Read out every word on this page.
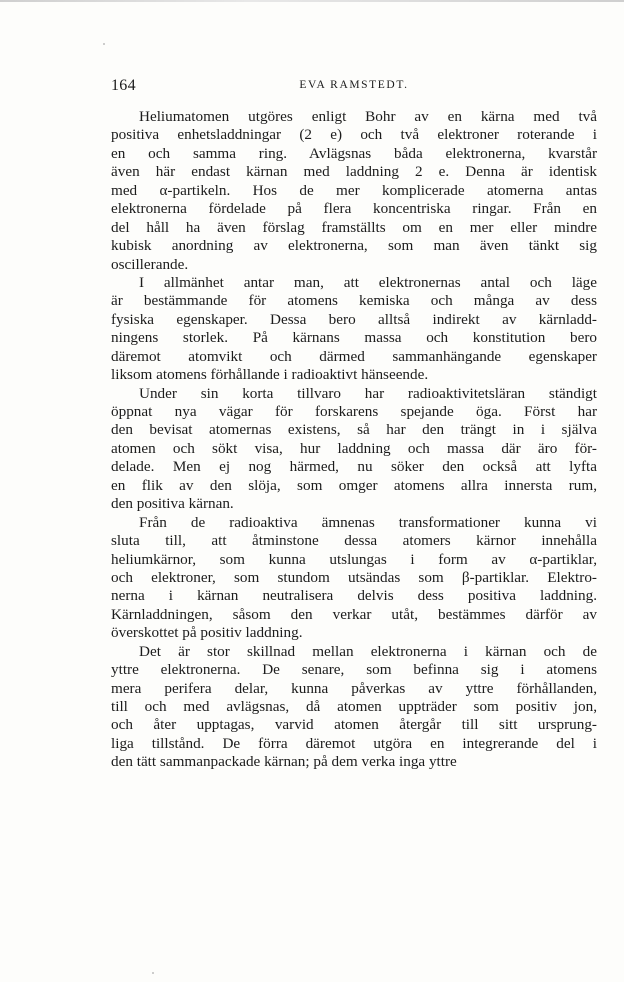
164	EVA RAMSTEDT.

Heliumatomen utgöres enligt Bohr av en kärna med två
positiva enhetsladdningar (2 e) och två elektroner roterande i
en och samma ring. Avlägsnas båda elektronerna, kvarstår
även här endast kärnan med laddning 2 e. Denna är identisk
med α-partikeln. Hos de mer komplicerade atomerna antas
elektronerna fördelade på flera koncentriska ringar. Från en
del håll ha även förslag framställts om en mer eller mindre
kubisk anordning av elektronerna, som man även tänkt sig
oscillerande.

I allmänhet antar man, att elektronernas antal och läge
är bestämmande för atomens kemiska och många av dess
fysiska egenskaper. Dessa bero alltså indirekt av kärnladd-
ningens storlek. På kärnans massa och konstitution bero
däremot atomvikt och därmed sammanhängande egenskaper
liksom atomens förhållande i radioaktivt hänseende.

Under sin korta tillvaro har radioaktivitetsläran ständigt
öppnat nya vägar för forskarens spejande öga. Först har
den bevisat atomernas existens, så har den trängt in i själva
atomen och sökt visa, hur laddning och massa där äro för-
delade. Men ej nog härmed, nu söker den också att lyfta
en flik av den slöja, som omger atomens allra innersta rum,
den positiva kärnan.

Från de radioaktiva ämnenas transformationer kunna vi
sluta till, att åtminstone dessa atomers kärnor innehålla
heliumkärnor, som kunna utslungas i form av α-partiklar,
och elektroner, som stundom utsändas som β-partiklar. Elektro-
nerna i kärnan neutralisera delvis dess positiva laddning.
Kärnladdningen, såsom den verkar utåt, bestämmes därför av
överskottet på positiv laddning.

Det är stor skillnad mellan elektronerna i kärnan och de
yttre elektronerna. De senare, som befinna sig i atomens
mera perifera delar, kunna påverkas av yttre förhållanden,
till och med avlägsnas, då atomen uppträder som positiv jon,
och åter upptagas, varvid atomen återgår till sitt ursprung-
liga tillstånd. De förra däremot utgöra en integrerande del i
den tätt sammanpackade kärnan; på dem verka inga yttre
